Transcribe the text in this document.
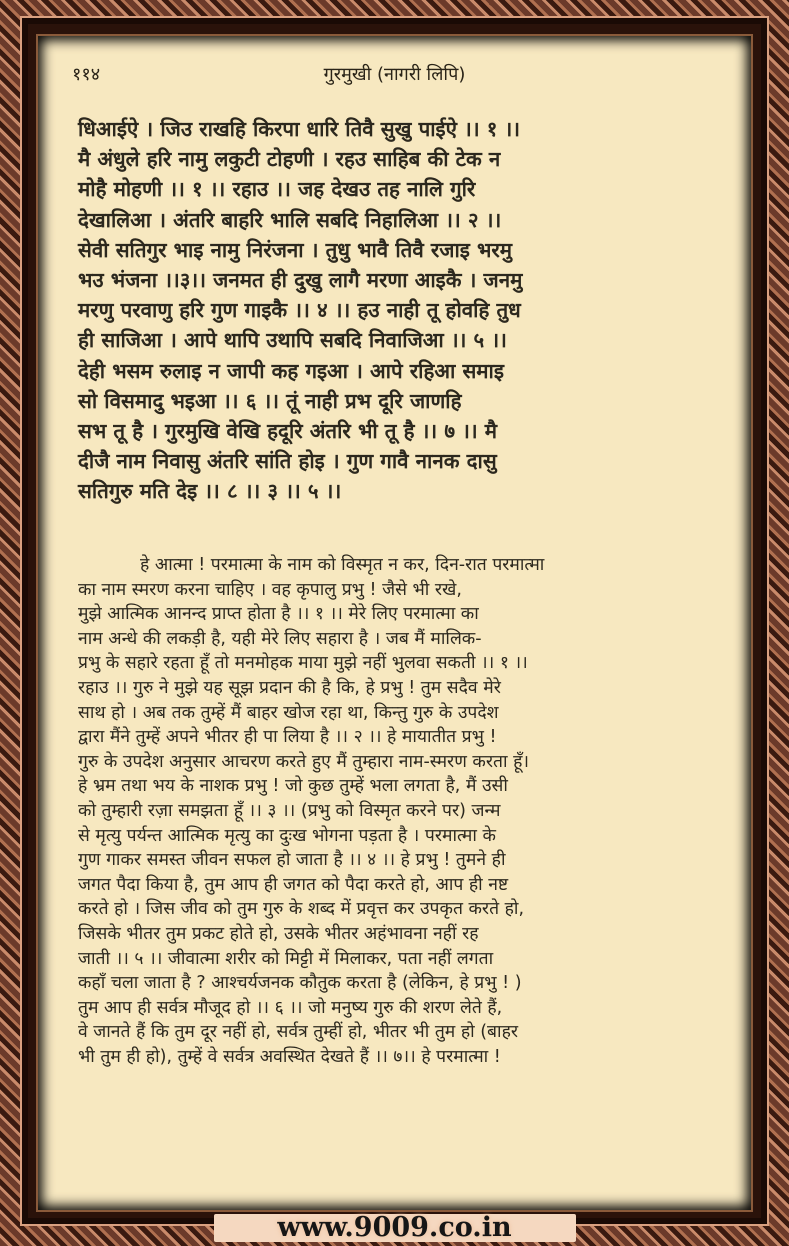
११४	गुरमुखी (नागरी लिपि)
धिआईऐ । जिउ राखहि किरपा धारि तिवै सुखु पाईऐ ।। १ ।।
मै अंधुले हरि नामु लकुटी टोहणी । रहउ साहिब की टेक न
मोहै मोहणी ।। १ ।। रहाउ ।। जह देखउ तह नालि गुरि
देखालिआ । अंतरि बाहरि भालि सबदि निहालिआ ।। २ ।।
सेवी सतिगुर भाइ नामु निरंजना । तुधु भावै तिवै रजाइ भरमु
भउ भंजना ।।३।। जनमत ही दुखु लागै मरणा आइकै । जनमु
मरणु परवाणु हरि गुण गाइकै ।। ४ ।। हउ नाही तू होवहि तुध
ही साजिआ । आपे थापि उथापि सबदि निवाजिआ ।। ५ ।।
देही भसम रुलाइ न जापी कह गइआ । आपे रहिआ समाइ
सो विसमादु भइआ ।। ६ ।। तूं नाही प्रभ दूरि जाणहि
सभ तू है । गुरमुखि वेखि हदूरि अंतरि भी तू है ।। ७ ।। मै
दीजै नाम निवासु अंतरि सांति होइ । गुण गावै नानक दासु
सतिगुरु मति देइ ।। ८ ।। ३ ।। ५ ।।
हे आत्मा ! परमात्मा के नाम को विस्मृत न कर, दिन-रात परमात्मा
का नाम स्मरण करना चाहिए । वह कृपालु प्रभु ! जैसे भी रखे,
मुझे आत्मिक आनन्द प्राप्त होता है ।। १ ।। मेरे लिए परमात्मा का
नाम अन्धे की लकड़ी है, यही मेरे लिए सहारा है । जब मैं मालिक-
प्रभु के सहारे रहता हूँ तो मनमोहक माया मुझे नहीं भुलवा सकती ।। १ ।।
रहाउ ।। गुरु ने मुझे यह सूझ प्रदान की है कि, हे प्रभु ! तुम सदैव मेरे
साथ हो । अब तक तुम्हें मैं बाहर खोज रहा था, किन्तु गुरु के उपदेश
द्वारा मैंने तुम्हें अपने भीतर ही पा लिया है ।। २ ।। हे मायातीत प्रभु !
गुरु के उपदेश अनुसार आचरण करते हुए मैं तुम्हारा नाम-स्मरण करता हूँ।
हे भ्रम तथा भय के नाशक प्रभु ! जो कुछ तुम्हें भला लगता है, मैं उसी
को तुम्हारी रज़ा समझता हूँ ।। ३ ।। (प्रभु को विस्मृत करने पर) जन्म
से मृत्यु पर्यन्त आत्मिक मृत्यु का दुःख भोगना पड़ता है । परमात्मा के
गुण गाकर समस्त जीवन सफल हो जाता है ।। ४ ।। हे प्रभु ! तुमने ही
जगत पैदा किया है, तुम आप ही जगत को पैदा करते हो, आप ही नष्ट
करते हो । जिस जीव को तुम गुरु के शब्द में प्रवृत्त कर उपकृत करते हो,
जिसके भीतर तुम प्रकट होते हो, उसके भीतर अहंभावना नहीं रह
जाती ।। ५ ।। जीवात्मा शरीर को मिट्टी में मिलाकर, पता नहीं लगता
कहाँ चला जाता है ? आश्चर्यजनक कौतुक करता है (लेकिन, हे प्रभु ! )
तुम आप ही सर्वत्र मौजूद हो ।। ६ ।। जो मनुष्य गुरु की शरण लेते हैं,
वे जानते हैं कि तुम दूर नहीं हो, सर्वत्र तुम्हीं हो, भीतर भी तुम हो (बाहर
भी तुम ही हो), तुम्हें वे सर्वत्र अवस्थित देखते हैं ।। ७।। हे परमात्मा !
www.9009.co.in
